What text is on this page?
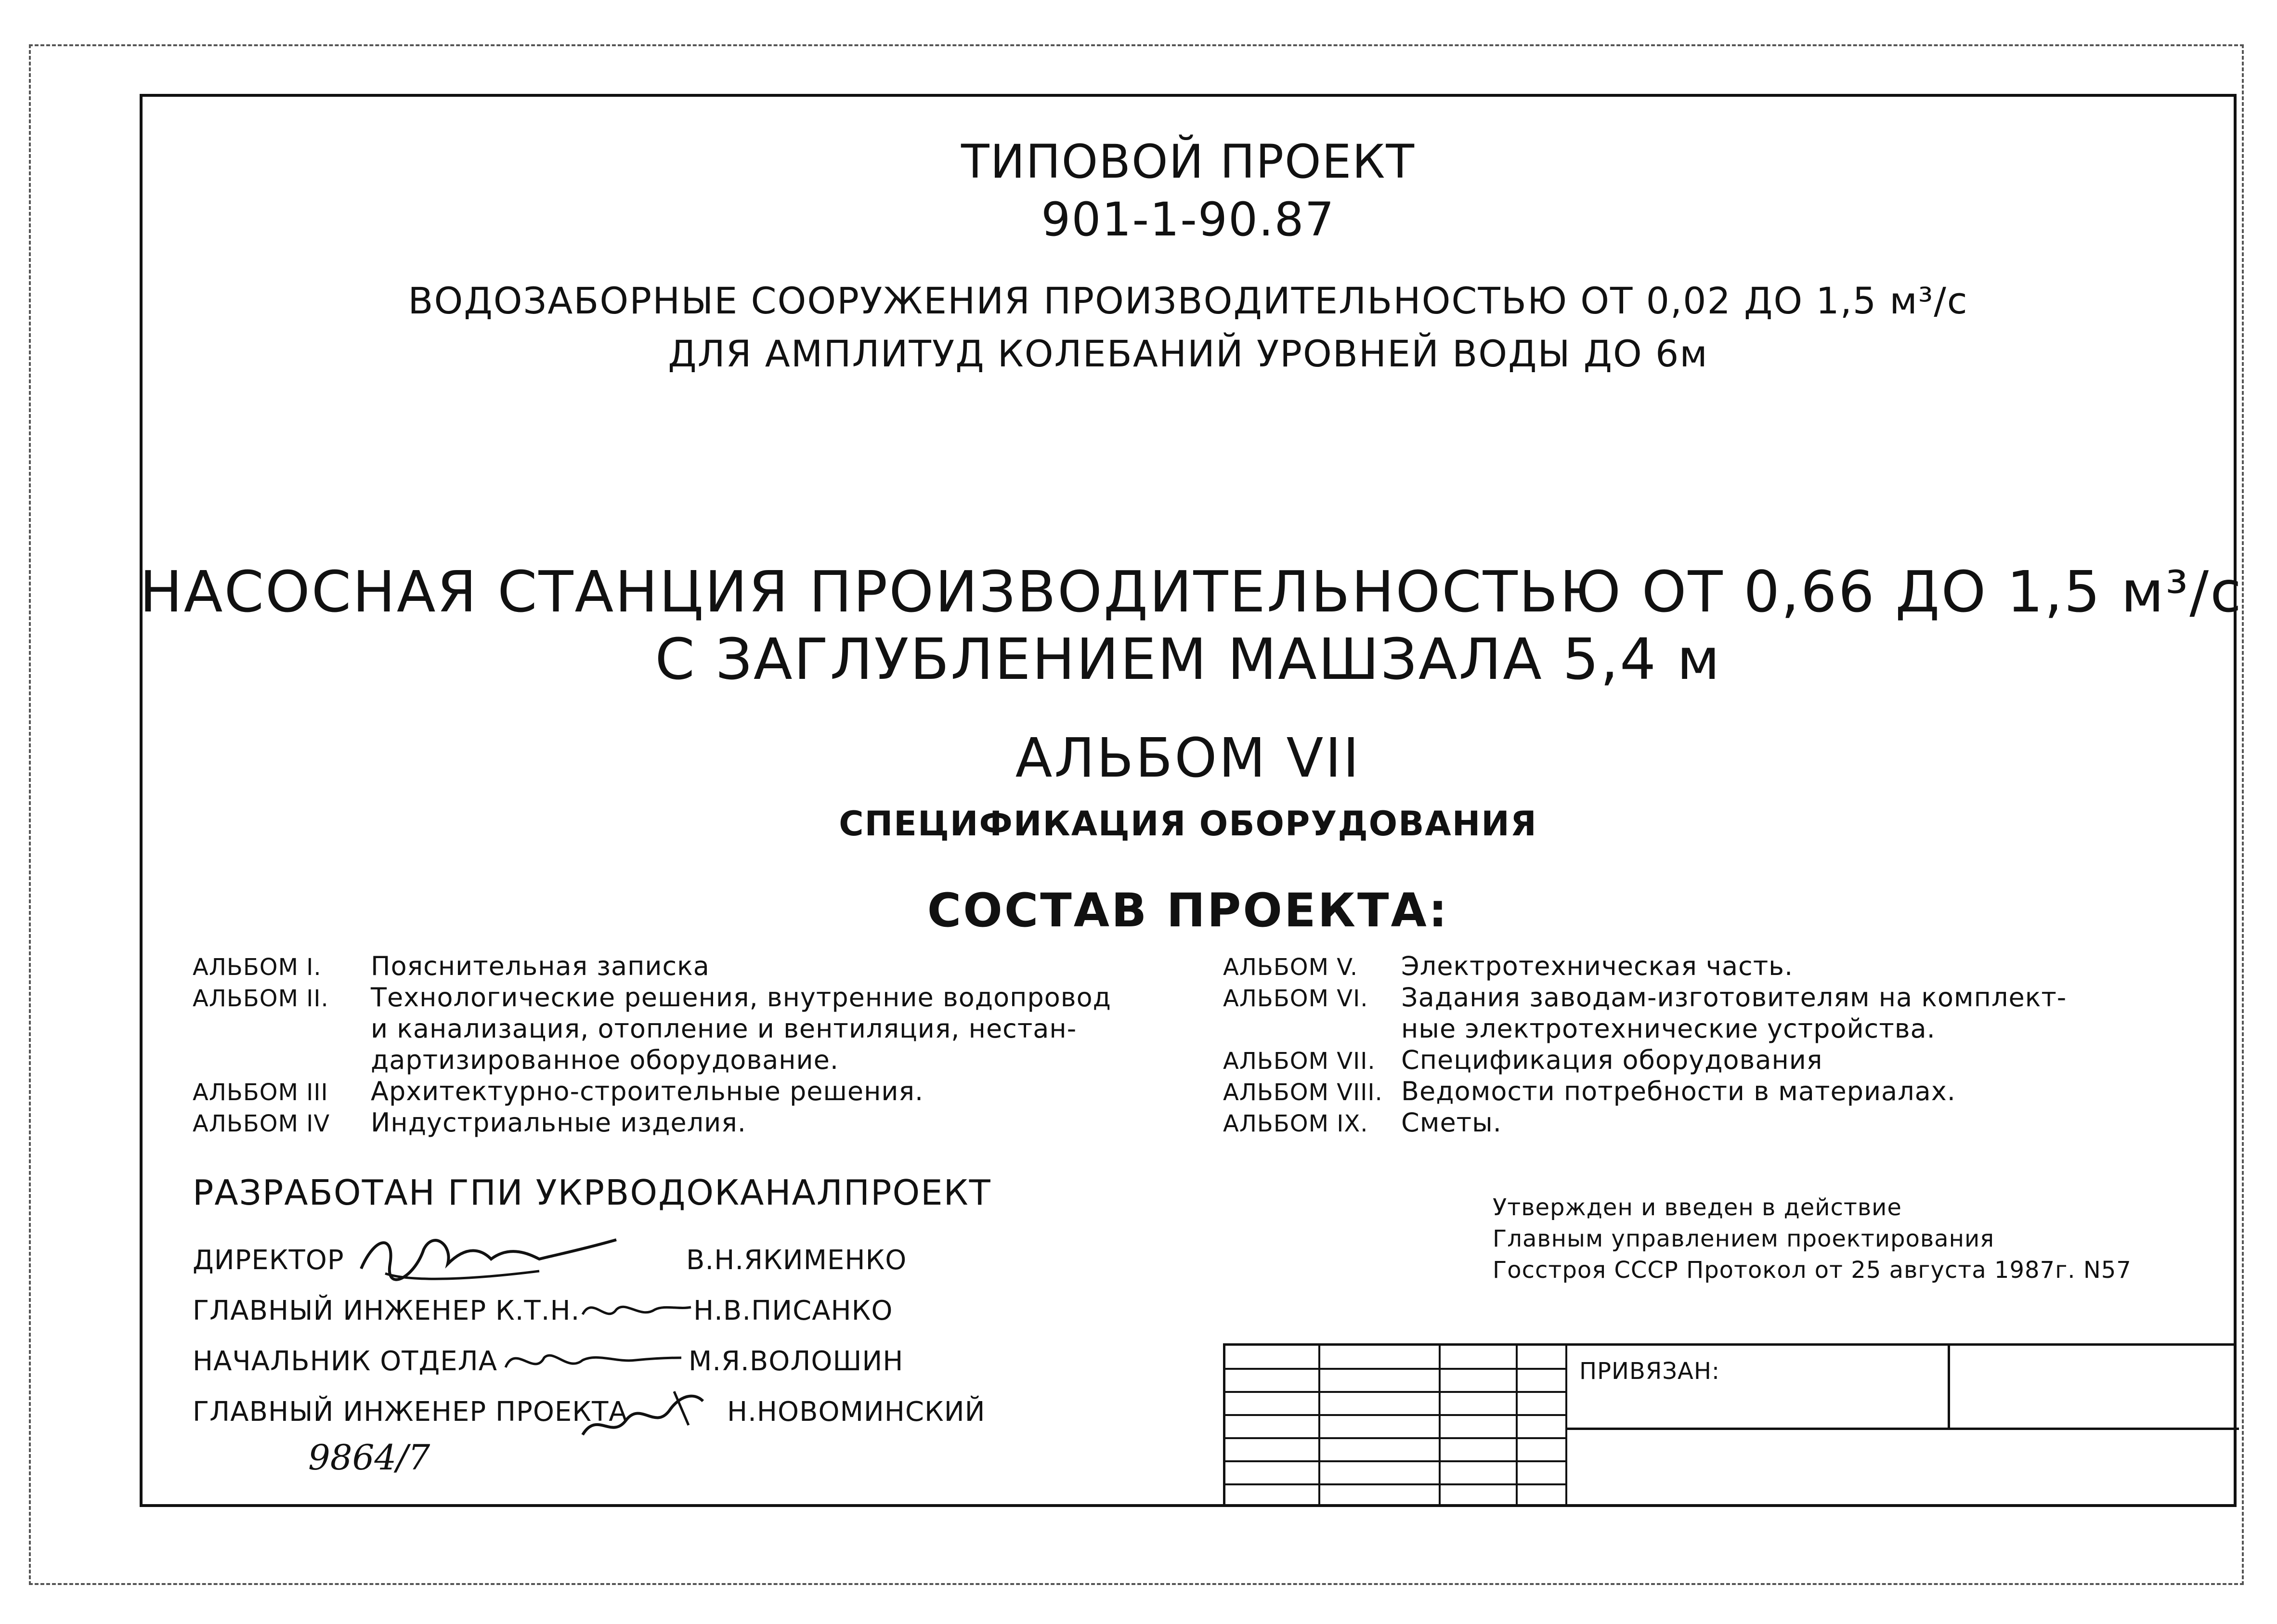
ТИПОВОЙ ПРОЕКТ
901-1-90.87
ВОДОЗАБОРНЫЕ СООРУЖЕНИЯ ПРОИЗВОДИТЕЛЬНОСТЬЮ ОТ 0,02 ДО 1,5 м³/с
ДЛЯ АМПЛИТУД КОЛЕБАНИЙ УРОВНЕЙ ВОДЫ ДО 6м
НАСОСНАЯ СТАНЦИЯ ПРОИЗВОДИТЕЛЬНОСТЬЮ ОТ 0,66 ДО 1,5 м³/с
С ЗАГЛУБЛЕНИЕМ МАШЗАЛА 5,4 м
АЛЬБОМ VII
СПЕЦИФИКАЦИЯ ОБОРУДОВАНИЯ
СОСТАВ ПРОЕКТА:
АЛЬБОМ I. Пояснительная записка
АЛЬБОМ II. Технологические решения, внутренние водопровод
и канализация, отопление и вентиляция, нестан-
дартизированное оборудование.
АЛЬБОМ III Архитектурно-строительные решения.
АЛЬБОМ IV Индустриальные изделия.
АЛЬБОМ V. Электротехническая часть.
АЛЬБОМ VI. Задания заводам-изготовителям на комплект-
ные электротехнические устройства.
АЛЬБОМ VII. Спецификация оборудования
АЛЬБОМ VIII. Ведомости потребности в материалах.
АЛЬБОМ IX. Сметы.
РАЗРАБОТАН ГПИ УКРВОДОКАНАЛПРОЕКТ
ДИРЕКТОР	В.Н.ЯКИМЕНКО
ГЛАВНЫЙ ИНЖЕНЕР К.Т.Н.	Н.В.ПИСАНКО
НАЧАЛЬНИК ОТДЕЛА	М.Я.ВОЛОШИН
ГЛАВНЫЙ ИНЖЕНЕР ПРОЕКТА	Н.НОВОМИНСКИЙ
9864/7
Утвержден и введен в действие
Главным управлением проектирования
Госстроя СССР Протокол от 25 августа 1987г. N57
ПРИВЯЗАН:
